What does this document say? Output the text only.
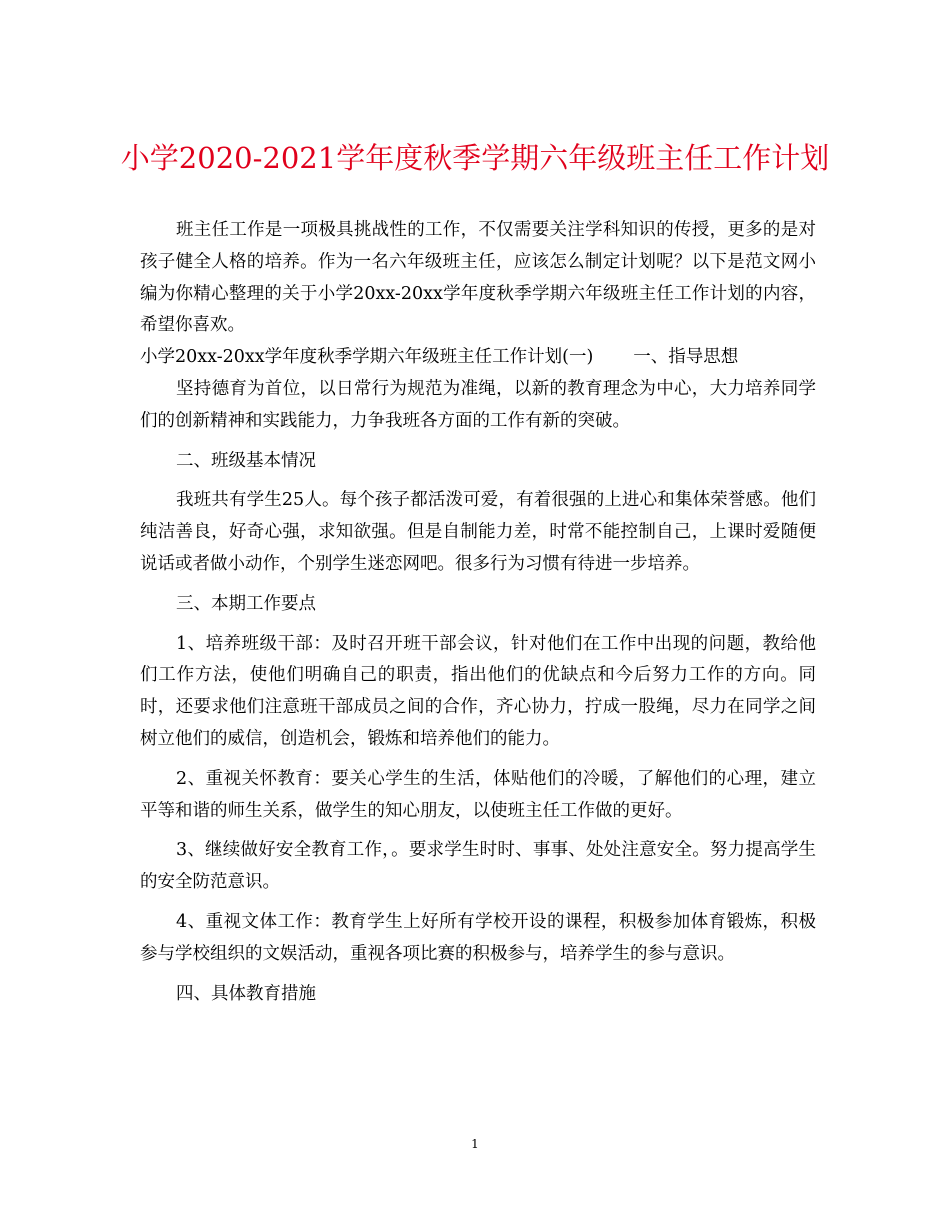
小学2020-2021学年度秋季学期六年级班主任工作计划

班主任工作是一项极具挑战性的工作，不仅需要关注学科知识的传授，更多的是对孩子健全人格的培养。作为一名六年级班主任，应该怎么制定计划呢？以下是范文网小编为你精心整理的关于小学20xx-20xx学年度秋季学期六年级班主任工作计划的内容，希望你喜欢。

小学20xx-20xx学年度秋季学期六年级班主任工作计划(一) 一、指导思想

坚持德育为首位，以日常行为规范为准绳，以新的教育理念为中心，大力培养同学们的创新精神和实践能力，力争我班各方面的工作有新的突破。

二、班级基本情况

我班共有学生25人。每个孩子都活泼可爱，有着很强的上进心和集体荣誉感。他们纯洁善良，好奇心强，求知欲强。但是自制能力差，时常不能控制自己，上课时爱随便说话或者做小动作，个别学生迷恋网吧。很多行为习惯有待进一步培养。

三、本期工作要点

1、培养班级干部：及时召开班干部会议，针对他们在工作中出现的问题，教给他们工作方法，使他们明确自己的职责，指出他们的优缺点和今后努力工作的方向。同时，还要求他们注意班干部成员之间的合作，齐心协力，拧成一股绳，尽力在同学之间树立他们的威信，创造机会，锻炼和培养他们的能力。

2、重视关怀教育：要关心学生的生活，体贴他们的冷暖，了解他们的心理，建立平等和谐的师生关系，做学生的知心朋友，以使班主任工作做的更好。

3、继续做好安全教育工作，。要求学生时时、事事、处处注意安全。努力提高学生的安全防范意识。

4、重视文体工作：教育学生上好所有学校开设的课程，积极参加体育锻炼，积极参与学校组织的文娱活动，重视各项比赛的积极参与，培养学生的参与意识。

四、具体教育措施

1
